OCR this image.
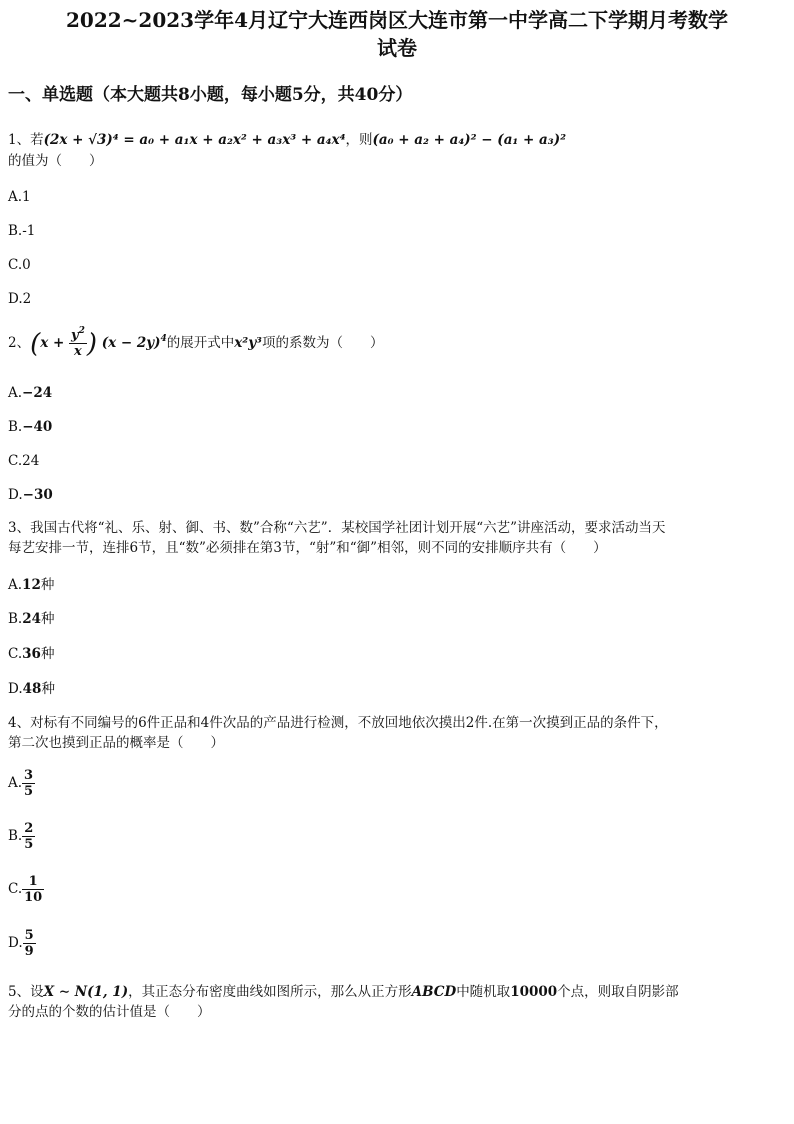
2022~2023学年4月辽宁大连西岗区大连市第一中学高二下学期月考数学
试卷
一、单选题（本大题共8小题，每小题5分，共40分）
1、若(2x + √3)⁴ = a₀ + a₁x + a₂x² + a₃x³ + a₄x⁴，则(a₀ + a₂ + a₄)² − (a₁ + a₃)²
的值为（　　）
A.1
B.-1
C.0
D.2
2、($x + \frac{y^2}{x}$ ) $(x - 2y)^4$的展开式中x²y³项的系数为（　　）
A.−24
B.−40
C.24
D.−30
3、我国古代将“礼、乐、射、御、书、数”合称“六艺”．某校国学社团计划开展“六艺”讲座活动，要求活动当天
每艺安排一节，连排6节，且“数”必须排在第3节，“射”和“御”相邻，则不同的安排顺序共有（　　）
A.12种
B.24种
C.36种
D.48种
4、对标有不同编号的6件正品和4件次品的产品进行检测，不放回地依次摸出2件.在第一次摸到正品的条件下，
第二次也摸到正品的概率是（　　）
A. $\frac{3}{5}$
B. $\frac{2}{5}$
C. $\frac{1}{10}$
D. $\frac{5}{9}$
5、设X ∼ N(1, 1)，其正态分布密度曲线如图所示，那么从正方形ABCD中随机取10000个点，则取自阴影部
分的点的个数的估计值是（　　）
